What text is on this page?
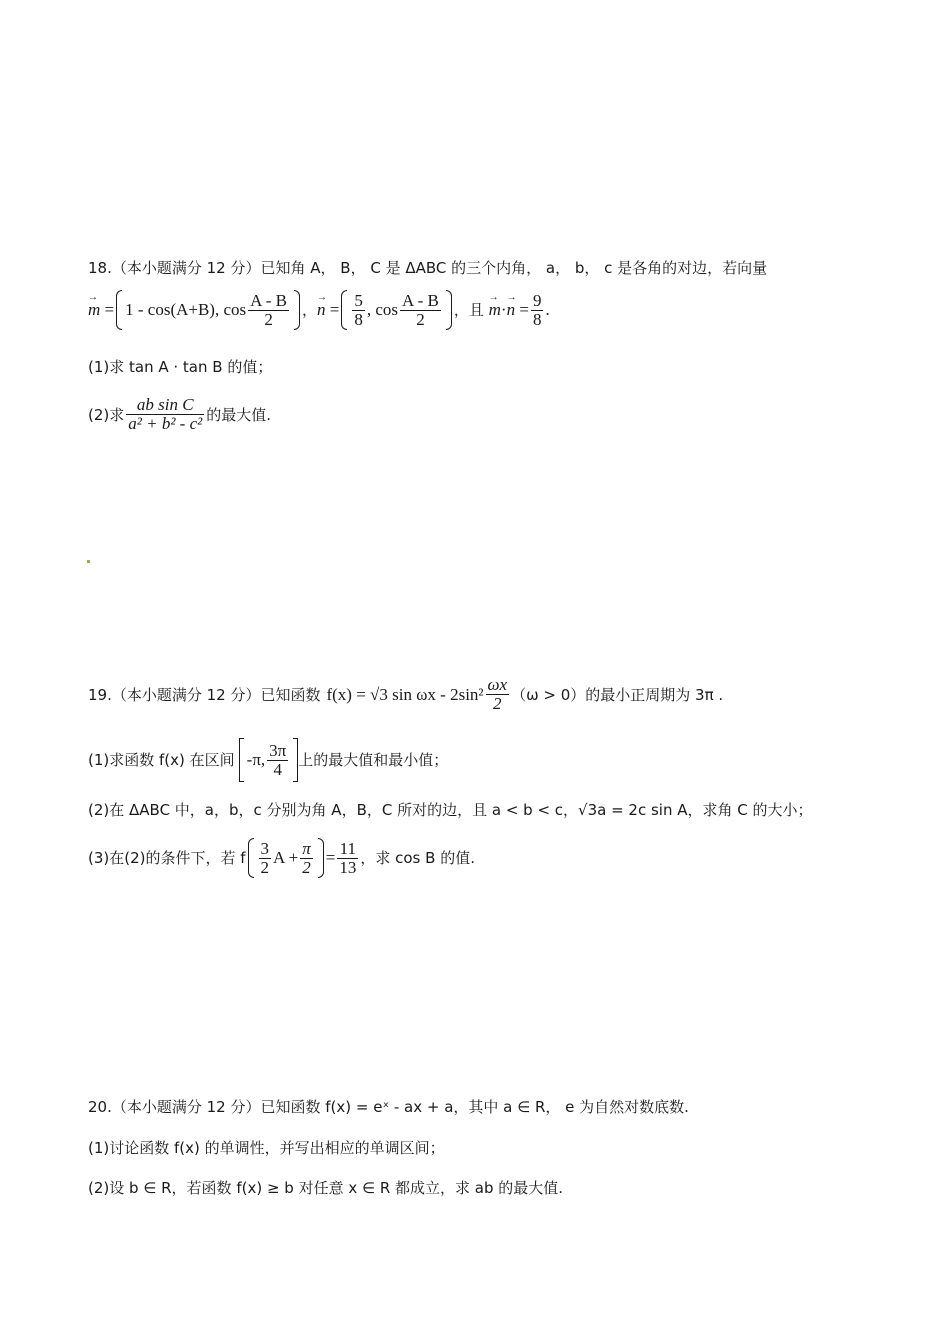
18.（本小题满分 12 分）已知角 A， B， C 是 ΔABC 的三个内角， a， b， c 是各角的对边，若向量
→ m = 1 - cos(A+B), $\cos \frac{A - B}{2}$ ， → $n = \frac{5}{8}$ , $\cos \frac{A - B}{2}$ ，且 → m · → $n = \frac{9}{8}$ .
(1)求 tan A · tan B 的值；
(2)求 $\frac{\text{ab sin C}}{\text{a² + b² - c²}}$ 的最大值.
19.（本小题满分 12 分）已知函数 f(x) = √3 $\sin \omega x - 2\sin^2 \frac{\omega x}{2} (\omega > 0)$的最小正周期为 3π .
(1)求函数 f(x) 在区间 -π, $\frac{3\pi}{4}$ 上的最大值和最小值；
(2)在 ΔABC 中，a，b，c 分别为角 A，B，C 所对的边，且 a < b < c，√3a = 2c sin A，求角 C 的大小；
(3)在(2)的条件下，若 f $\frac{3}{2}$ $A + \frac{\pi}{2} = \frac{11}{13}$ ，求 cos B 的值.
20.（本小题满分 12 分）已知函数 f(x) = eˣ - ax + a，其中 a ∈ R， e 为自然对数底数.
(1)讨论函数 f(x) 的单调性，并写出相应的单调区间；
(2)设 b ∈ R，若函数 f(x) ≥ b 对任意 x ∈ R 都成立，求 ab 的最大值.
